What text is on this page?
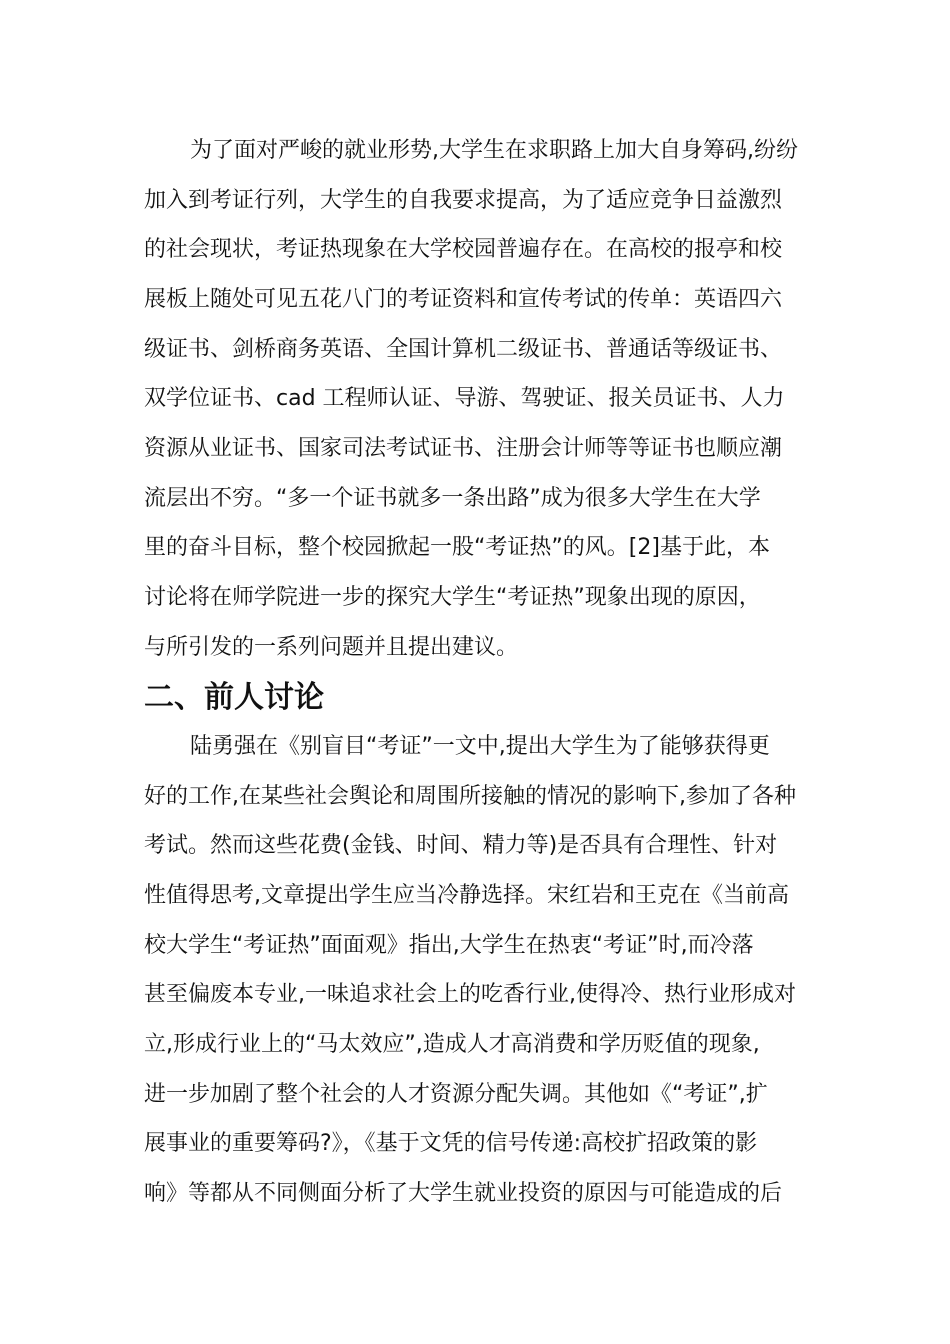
为了面对严峻的就业形势,大学生在求职路上加大自身筹码,纷纷
加入到考证行列，大学生的自我要求提高，为了适应竞争日益激烈
的社会现状，考证热现象在大学校园普遍存在。在高校的报亭和校
展板上随处可见五花八门的考证资料和宣传考试的传单：英语四六
级证书、剑桥商务英语、全国计算机二级证书、普通话等级证书、
双学位证书、cad 工程师认证、导游、驾驶证、报关员证书、人力
资源从业证书、国家司法考试证书、注册会计师等等证书也顺应潮
流层出不穷。“多一个证书就多一条出路”成为很多大学生在大学
里的奋斗目标，整个校园掀起一股“考证热”的风。[2]基于此，本
讨论将在师学院进一步的探究大学生“考证热”现象出现的原因，
与所引发的一系列问题并且提出建议。
二、前人讨论
陆勇强在《别盲目“考证”一文中,提出大学生为了能够获得更
好的工作,在某些社会舆论和周围所接触的情况的影响下,参加了各种
考试。然而这些花费(金钱、时间、精力等)是否具有合理性、针对
性值得思考,文章提出学生应当冷静选择。宋红岩和王克在《当前高
校大学生“考证热”面面观》指出,大学生在热衷“考证”时,而冷落
甚至偏废本专业,一味追求社会上的吃香行业,使得冷、热行业形成对
立,形成行业上的“马太效应”,造成人才高消费和学历贬值的现象,
进一步加剧了整个社会的人才资源分配失调。其他如《“考证”,扩
展事业的重要筹码?》，《基于文凭的信号传递:高校扩招政策的影
响》等都从不同侧面分析了大学生就业投资的原因与可能造成的后
